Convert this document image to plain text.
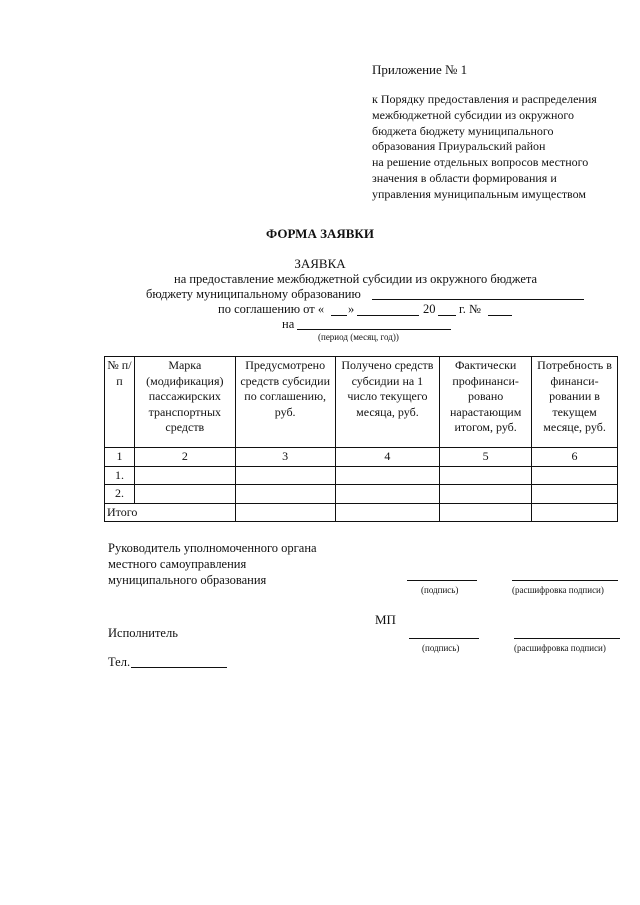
Приложение № 1
к Порядку предоставления и распределения
межбюджетной субсидии из окружного
бюджета бюджету муниципального
образования Приуральский район
на решение отдельных вопросов местного
значения в области формирования и
управления муниципальным имуществом
ФОРМА ЗАЯВКИ
ЗАЯВКА
на предоставление межбюджетной субсидии из окружного бюджета
бюджету муниципальному образованию
по соглашению от « »	20 г. №
на
(период (месяц, год))
№ п/п	Марка (модификация) пассажирских транспортных средств	Предусмотрено средств субсидии по соглашению, руб.	Получено средств субсидии на 1 число текущего месяца, руб.	Фактически профинанси-ровано нарастающим итогом, руб.	Потребность в финанси-ровании в текущем месяце, руб.
1	2	3	4	5	6
1.					
2.					
Итого					
Руководитель уполномоченного органа
местного самоуправления
муниципального образования
(подпись)	(расшифровка подписи)
МП
Исполнитель
(подпись)	(расшифровка подписи)
Тел.
